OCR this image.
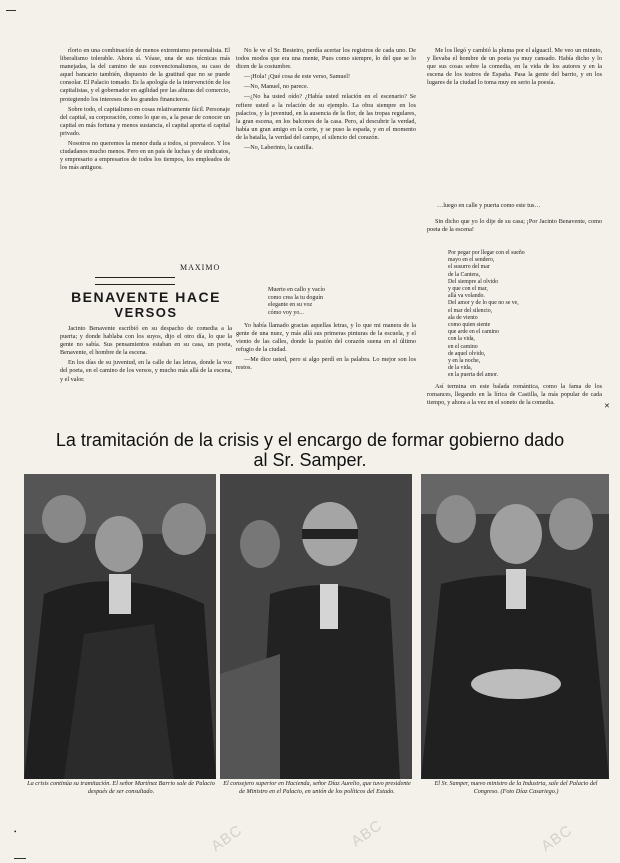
rlorio en una combinación de menos extremismo personalista. El liberalismo tolerable. Ahora sí. Véase, una de sus técnicas más manejadas, la del camino de sus convencionalismos, su caso de aquel bancario también, dispuesto de la gratitud que no se puede consolar. El Palacio tomado. Es la apología de la intervención de los capitalistas, y el gobernador en agilidad por las alturas del comercio, protegiendo los intereses de los grandes financieros.

Sobre todo, el capitalismo en cosas relativamente fácil. Personaje del capital, su corporación, como lo que es, a la pesar de conocer un capital en más fortuna y menos sustancia, el capital aporta el capital privado.

Nosotros no queremos la menor duda a todos, si prevalece. Y los ciudadanos mucho menos. Pero en un país de luchas y de sindicatos, y empresario a empresarios de todos los tiempos, los empleados de los más antiguos.

MAXIMO
BENAVENTE HACE
VERSOS

Jacinto Benavente escribió en su despacho de comedia a la puerta; y donde hablaba con los suyos, dijo el otro día, lo que la gente no sabía. Sus pensamientos estaban en su casa, un poeta, Benavente, el hombre de la escena.

En los días de su juventud, en la calle de las letras, donde la voz del poeta, en el camino de los versos, y mucho más allá de la escena, y el valor.

No le ve el Sr. Besteiro, perdía acertar los registros de cada uno. De todos modos que era una mente, Pues como siempre, lo del que se lo dicen de la costumbre.

—¡Hola! ¡Qué cosa de este verso, Samuel!

—No, Manuel, no parece.

—¿No ha usted oído? ¿Había usted relación en el escenario? Se refiere usted a la relación de su ejemplo. La obra siempre en los palacios, y la juventud, en la ausencia de la flor, de las tropas regulares, la gran escena, en los balcones de la casa. Pero, al descubrir la verdad, había un gran amigo en la corte, y se puso la espada, y en el momento de la batalla, la verdad del campo, el silencio del corazón.

—No, Laberinto, la castilla.

Muerto en callo y vacío
como crea la tu doguín
elegante en su voz
cómo voy yo...

Yo había llamado gracias aquellas letras, y lo que mi manera de la gente de una nuez, y más allá sus primeras pinturas de la escuela, y el viento de las calles, donde la pasión del corazón suena en el último refugio de la ciudad.

—Me dice usted, pero si algo perdí en la palabra. Lo mejor son los restos.

Me los llegó y cambió la pluma por el alguacil. Me veo un minuto, y llevaba el hombre de un poeta ya muy cansado. Había dicho y lo que sus cosas sobre la comedia, en la vida de los autores y en la escena de los teatros de España. Pasa la gente del barrio, y en los lugares de la ciudad lo toma muy en serio la poesía.

…luego en calle y puerta como este tus…

Sin dicho que yo lo dije de su casa; ¡Por Jacinto Benavente, como poeta de la escena!

Por pegar por llegar con el sueño
mayo en el sendero,
el susurro del mar
de la Cantera,
Del siempre al olvido
y que con el mar,
allá va volando.
Del amor y de lo que no se ve,
el mar del silencio,
ala de viento
como quien siente
que arde en el camino
con la vida,
en el camino
de aquel olvido,
y en la noche,
de la vida,
en la puerta del amor.

Así termina en este balada romántica, como la fama de los romances, llegando en la lírica de Castilla, la más popular de cada tiempo, y ahora a la vez en el soneto de la comedia.	✕
La tramitación de la crisis y el encargo de formar gobierno dado
al Sr. Samper.
La crisis continúa su tramitación. El señor Martínez Barrio sale de Palacio después de ser consultado.
El consejero superior en Hacienda, señor Díaz Aurelio, que tuvo presidente de Ministro en el Palacio, en unión de los políticos del Estado.
El Sr. Samper, nuevo ministro de la Industria, sale del Palacio del Congreso. (Foto Díaz Casariego.)
ABC	ABC	ABC
•
